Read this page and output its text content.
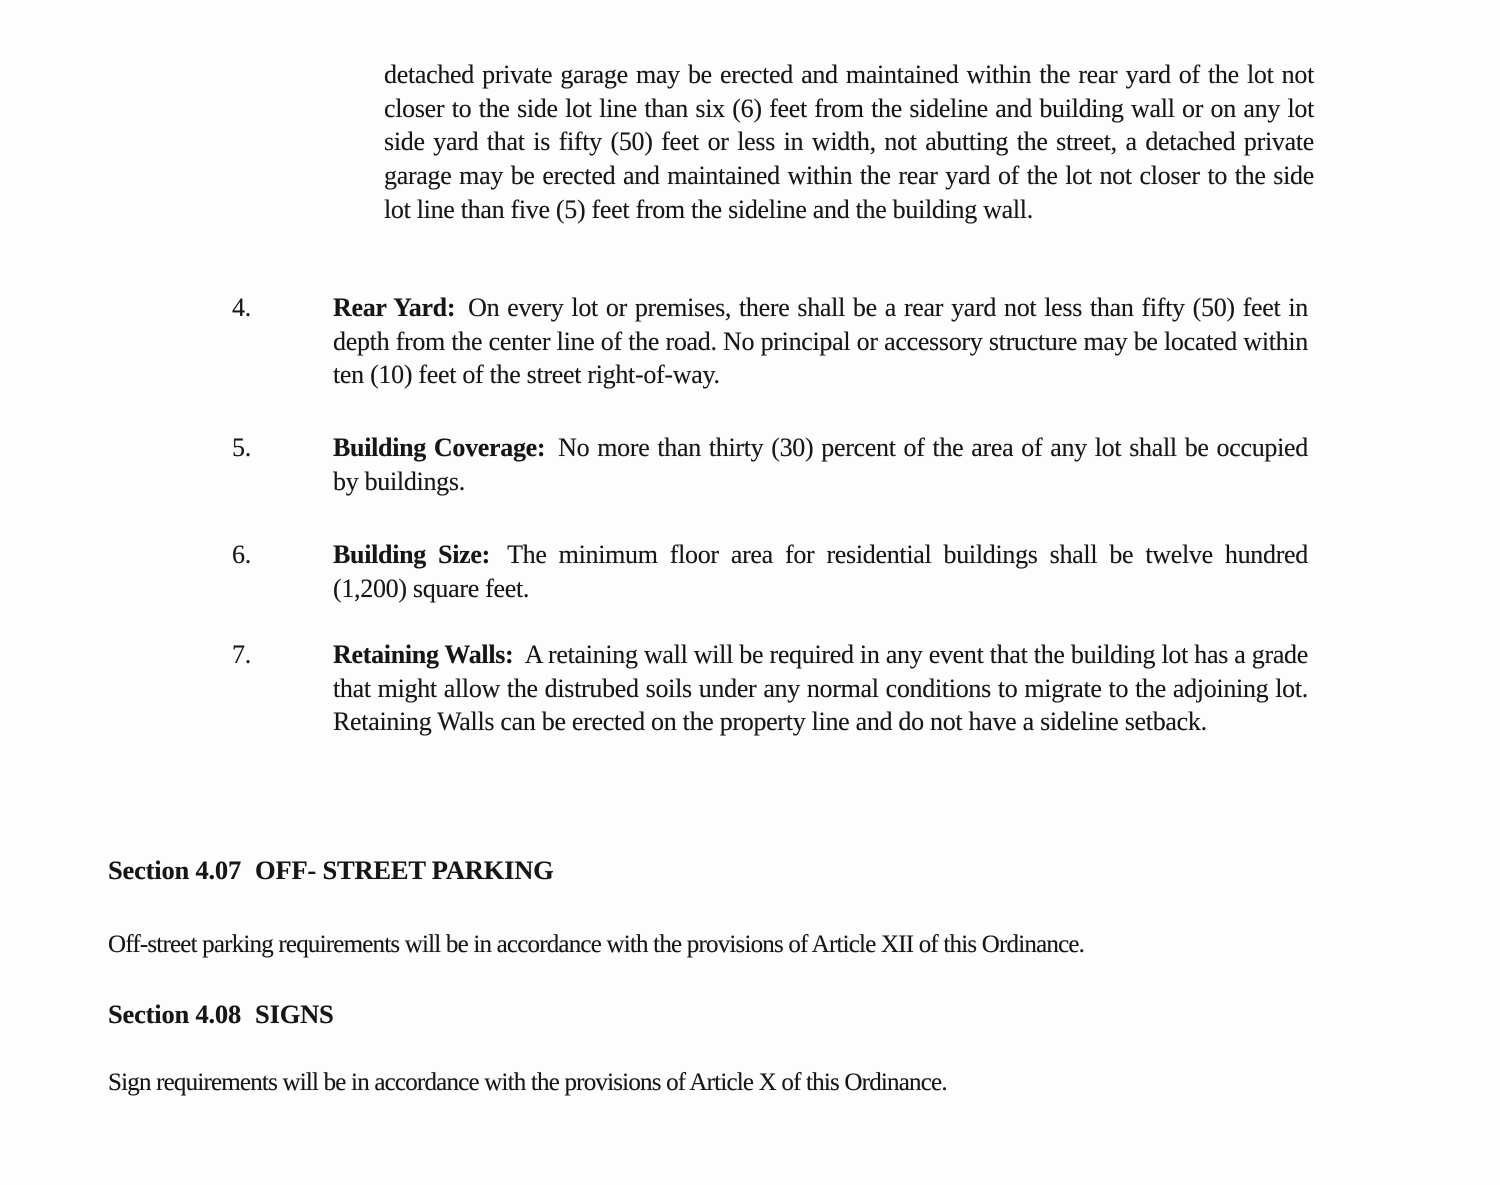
detached private garage may be erected and maintained within the rear yard of the lot not closer to the side lot line than six (6) feet from the sideline and building wall or on any lot side yard that is fifty (50) feet or less in width, not abutting the street, a detached private garage may be erected and maintained within the rear yard of the lot not closer to the side lot line than five (5) feet from the sideline and the building wall.

4.	Rear Yard: On every lot or premises, there shall be a rear yard not less than fifty (50) feet in depth from the center line of the road. No principal or accessory structure may be located within ten (10) feet of the street right-of-way.
5.	Building Coverage: No more than thirty (30) percent of the area of any lot shall be occupied by buildings.
6.	Building Size: The minimum floor area for residential buildings shall be twelve hundred (1,200) square feet.
7.	Retaining Walls: A retaining wall will be required in any event that the building lot has a grade that might allow the distrubed soils under any normal conditions to migrate to the adjoining lot. Retaining Walls can be erected on the property line and do not have a sideline setback.
Section 4.07 OFF- STREET PARKING

Off-street parking requirements will be in accordance with the provisions of Article XII of this Ordinance.

Section 4.08 SIGNS

Sign requirements will be in accordance with the provisions of Article X of this Ordinance.
